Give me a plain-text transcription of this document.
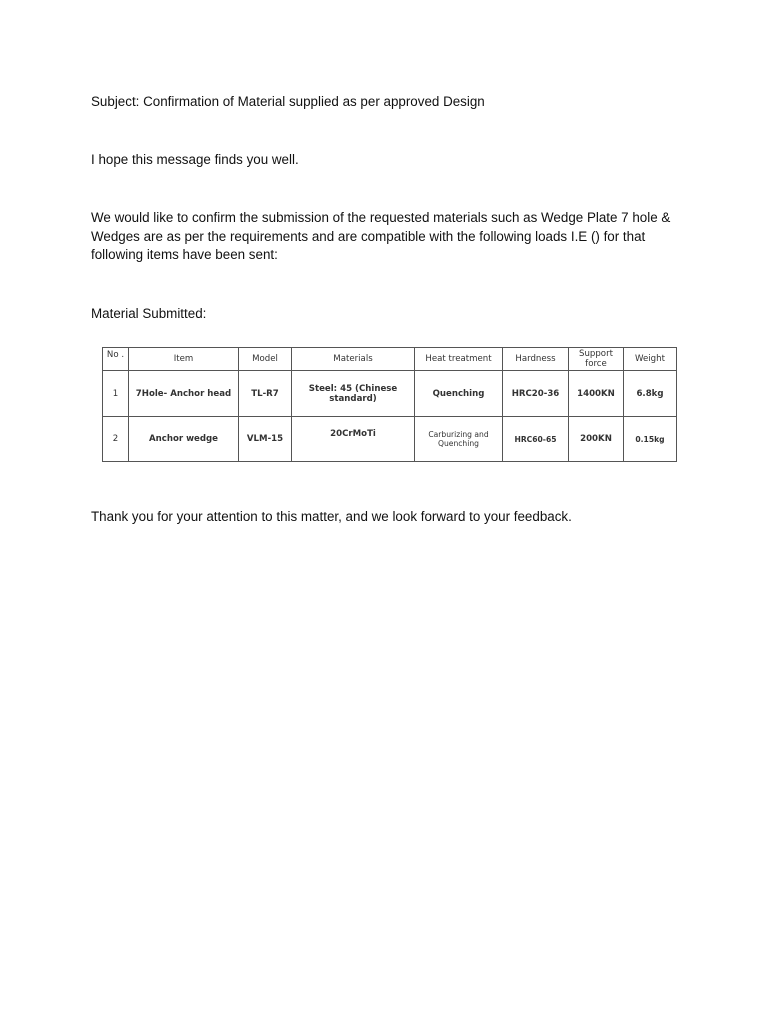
Subject: Confirmation of Material supplied as per approved Design

I hope this message finds you well.

We would like to confirm the submission of the requested materials such as Wedge Plate 7 hole & Wedges are as per the requirements and are compatible with the following loads I.E () for that following items have been sent:

Material Submitted:

No .	Item	Model	Materials	Heat treatment	Hardness	Support force	Weight
1	7Hole- Anchor head	TL-R7	Steel: 45 (Chinese standard)	Quenching	HRC20-36	1400KN	6.8kg
2	Anchor wedge	VLM-15	20CrMoTi	Carburizing and Quenching	HRC60-65	200KN	0.15kg

Thank you for your attention to this matter, and we look forward to your feedback.
